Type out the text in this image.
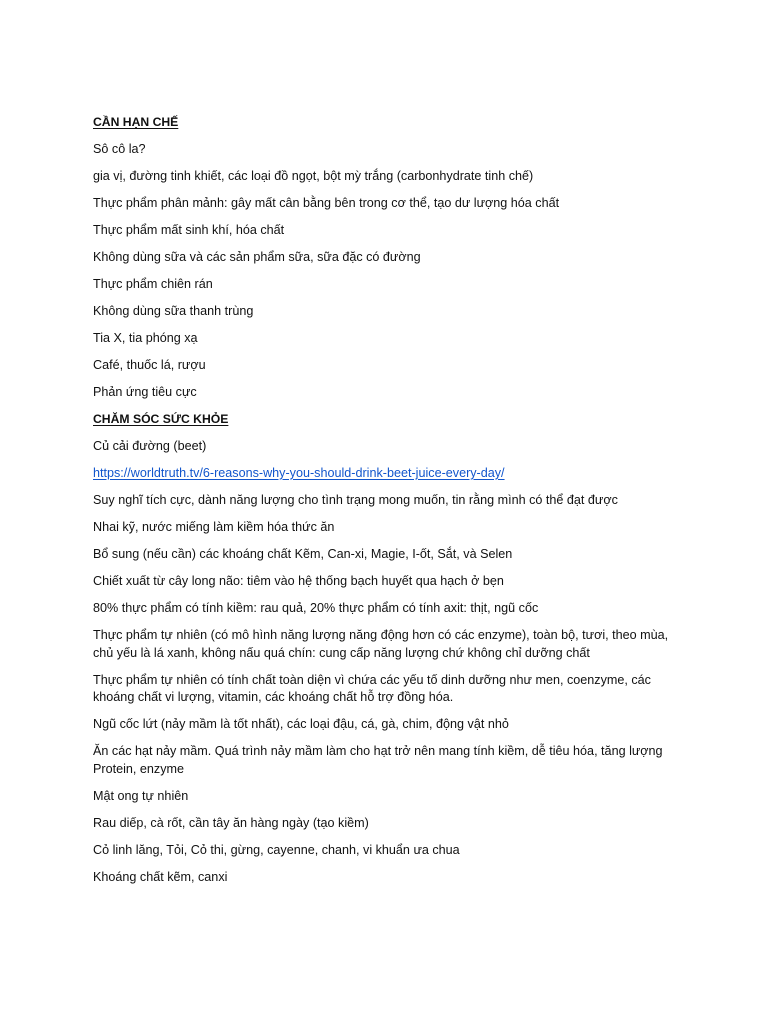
CẦN HẠN CHẾ

Sô cô la?

gia vị, đường tinh khiết, các loại đồ ngọt, bột mỳ trắng (carbonhydrate tinh chế)

Thực phẩm phân mảnh: gây mất cân bằng bên trong cơ thể, tạo dư lượng hóa chất

Thực phẩm mất sinh khí, hóa chất

Không dùng sữa và các sản phẩm sữa, sữa đặc có đường

Thực phẩm chiên rán

Không dùng sữa thanh trùng

Tia X, tia phóng xạ

Café, thuốc lá, rượu

Phản ứng tiêu cực

CHĂM SÓC SỨC KHỎE

Củ cải đường (beet)

https://worldtruth.tv/6-reasons-why-you-should-drink-beet-juice-every-day/

Suy nghĩ tích cực, dành năng lượng cho tình trạng mong muốn, tin rằng mình có thể đạt được

Nhai kỹ, nước miếng làm kiềm hóa thức ăn

Bổ sung (nếu cần) các khoáng chất Kẽm, Can-xi, Magie, I-ốt, Sắt, và Selen

Chiết xuất từ cây long não: tiêm vào hệ thống bạch huyết qua hạch ở bẹn

80% thực phẩm có tính kiềm: rau quả, 20% thực phẩm có tính axit: thịt, ngũ cốc

Thực phẩm tự nhiên (có mô hình năng lượng năng động hơn có các enzyme), toàn bộ, tươi, theo mùa, chủ yếu là lá xanh, không nấu quá chín: cung cấp năng lượng chứ không chỉ dưỡng chất

Thực phẩm tự nhiên có tính chất toàn diện vì chứa các yếu tố dinh dưỡng như men, coenzyme, các khoáng chất vi lượng, vitamin, các khoáng chất hỗ trợ đồng hóa.

Ngũ cốc lứt (nảy mầm là tốt nhất), các loại đậu, cá, gà, chim, động vật nhỏ

Ăn các hạt nảy mầm. Quá trình nảy mầm làm cho hạt trở nên mang tính kiềm, dễ tiêu hóa, tăng lượng Protein, enzyme

Mật ong tự nhiên

Rau diếp, cà rốt, cần tây ăn hàng ngày (tạo kiềm)

Cỏ linh lăng, Tỏi, Cỏ thi, gừng, cayenne, chanh, vi khuẩn ưa chua

Khoáng chất kẽm, canxi
